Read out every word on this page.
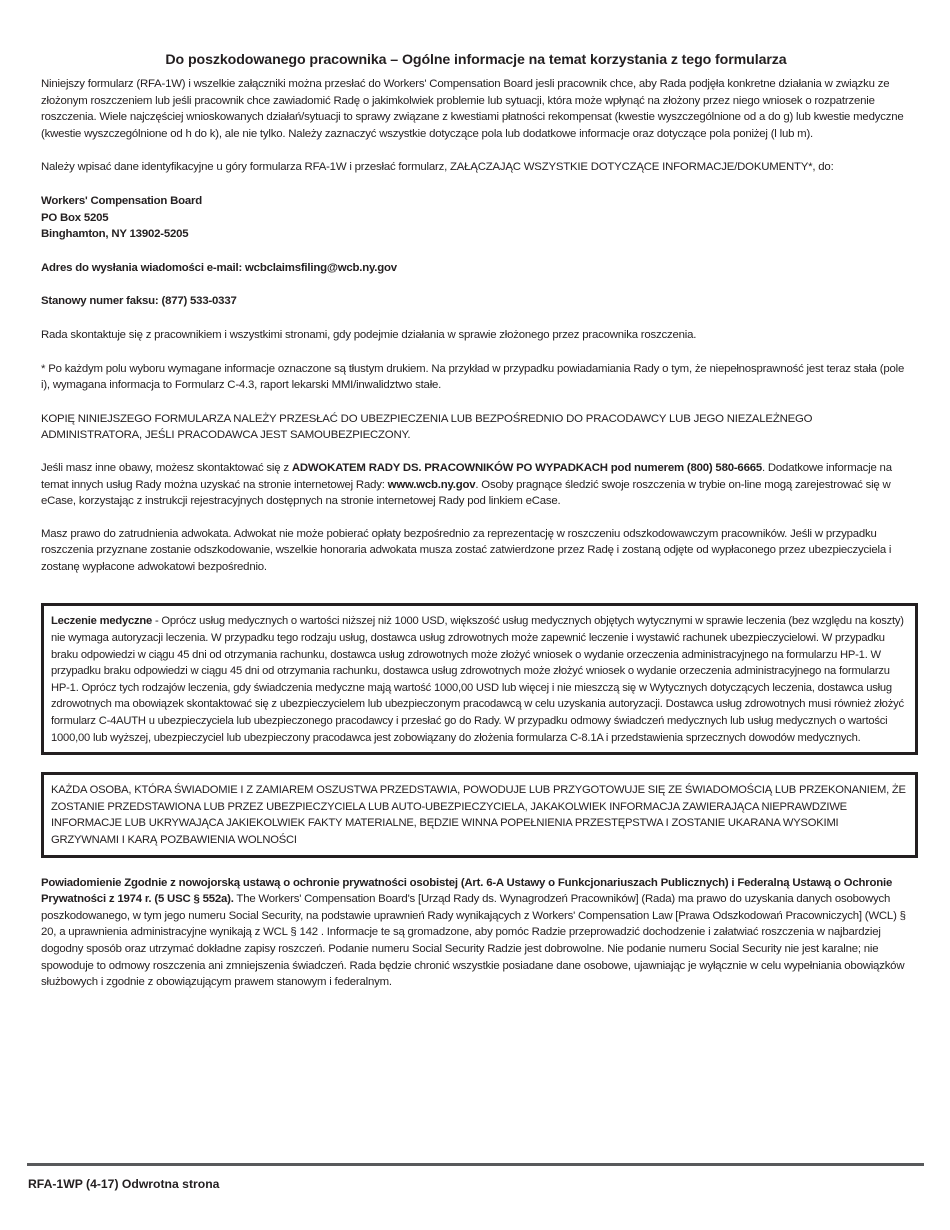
Do poszkodowanego pracownika – Ogólne informacje na temat korzystania z tego formularza

Niniejszy formularz (RFA-1W) i wszelkie załączniki można przesłać do Workers' Compensation Board jesli pracownik chce, aby Rada podjęła konkretne działania w związku ze złożonym roszczeniem lub jeśli pracownik chce zawiadomić Radę o jakimkolwiek problemie lub sytuacji, która może wpłynąć na złożony przez niego wniosek o rozpatrzenie roszczenia. Wiele najczęściej wnioskowanych działań/sytuacji to sprawy związane z kwestiami płatności rekompensat (kwestie wyszczególnione od a do g) lub kwestie medyczne (kwestie wyszczególnione od h do k), ale nie tylko. Należy zaznaczyć wszystkie dotyczące pola lub dodatkowe informacje oraz dotyczące pola poniżej (l lub m).

Należy wpisać dane identyfikacyjne u góry formularza RFA-1W i przesłać formularz, ZAŁĄCZAJĄC WSZYSTKIE DOTYCZĄCE INFORMACJE/DOKUMENTY*, do:

Workers' Compensation Board
PO Box 5205
Binghamton, NY 13902-5205

Adres do wysłania wiadomości e-mail: wcbclaimsfiling@wcb.ny.gov

Stanowy numer faksu: (877) 533-0337

Rada skontaktuje się z pracownikiem i wszystkimi stronami, gdy podejmie działania w sprawie złożonego przez pracownika roszczenia.

* Po każdym polu wyboru wymagane informacje oznaczone są tłustym drukiem. Na przykład w przypadku powiadamiania Rady o tym, że niepełnosprawność jest teraz stała (pole i), wymagana informacja to Formularz C-4.3, raport lekarski MMI/inwalidztwo stałe.

KOPIĘ NINIEJSZEGO FORMULARZA NALEŻY PRZESŁAĆ DO UBEZPIECZENIA LUB BEZPOŚREDNIO DO PRACODAWCY LUB JEGO NIEZALEŻNEGO ADMINISTRATORA, JEŚLI PRACODAWCA JEST SAMOUBEZPIECZONY.

Jeśli masz inne obawy, możesz skontaktować się z ADWOKATEM RADY DS. PRACOWNIKÓW PO WYPADKACH pod numerem (800) 580-6665. Dodatkowe informacje na temat innych usług Rady można uzyskać na stronie internetowej Rady: www.wcb.ny.gov. Osoby pragnące śledzić swoje roszczenia w trybie on-line mogą zarejestrować się w eCase, korzystając z instrukcji rejestracyjnych dostępnych na stronie internetowej Rady pod linkiem eCase.

Masz prawo do zatrudnienia adwokata. Adwokat nie może pobierać opłaty bezpośrednio za reprezentację w roszczeniu odszkodowawczym pracowników. Jeśli w przypadku roszczenia przyznane zostanie odszkodowanie, wszelkie honoraria adwokata musza zostać zatwierdzone przez Radę i zostaną odjęte od wypłaconego przez ubezpieczyciela i zostanę wypłacone adwokatowi bezpośrednio.

Leczenie medyczne - Oprócz usług medycznych o wartości niższej niż 1000 USD, większość usług medycznych objętych wytycznymi w sprawie leczenia (bez względu na koszty) nie wymaga autoryzacji leczenia. W przypadku tego rodzaju usług, dostawca usług zdrowotnych może zapewnić leczenie i wystawić rachunek ubezpieczycielowi. W przypadku braku odpowiedzi w ciągu 45 dni od otrzymania rachunku, dostawca usług zdrowotnych może złożyć wniosek o wydanie orzeczenia administracyjnego na formularzu HP-1. W przypadku braku odpowiedzi w ciągu 45 dni od otrzymania rachunku, dostawca usług zdrowotnych może złożyć wniosek o wydanie orzeczenia administracyjnego na formularzu HP-1. Oprócz tych rodzajów leczenia, gdy świadczenia medyczne mają wartość 1000,00 USD lub więcej i nie mieszczą się w Wytycznych dotyczących leczenia, dostawca usług zdrowotnych ma obowiązek skontaktować się z ubezpieczycielem lub ubezpieczonym pracodawcą w celu uzyskania autoryzacji. Dostawca usług zdrowotnych musi również złożyć formularz C-4AUTH u ubezpieczyciela lub ubezpieczonego pracodawcy i przesłać go do Rady. W przypadku odmowy świadczeń medycznych lub usług medycznych o wartości 1000,00 lub wyższej, ubezpieczyciel lub ubezpieczony pracodawca jest zobowiązany do złożenia formularza C-8.1A i przedstawienia sprzecznych dowodów medycznych.

KAŻDA OSOBA, KTÓRA ŚWIADOMIE I Z ZAMIAREM OSZUSTWA PRZEDSTAWIA, POWODUJE LUB PRZYGOTOWUJE SIĘ ZE ŚWIADOMOŚCIĄ LUB PRZEKONANIEM, ŻE ZOSTANIE PRZEDSTAWIONA LUB PRZEZ UBEZPIECZYCIELA LUB AUTO-UBEZPIECZYCIELA, JAKAKOLWIEK INFORMACJA ZAWIERAJĄCA NIEPRAWDZIWE INFORMACJE LUB UKRYWAJĄCA JAKIEKOLWIEK FAKTY MATERIALNE, BĘDZIE WINNA POPEŁNIENIA PRZESTĘPSTWA I ZOSTANIE UKARANA WYSOKIMI GRZYWNAMI I KARĄ POZBAWIENIA WOLNOŚCI

Powiadomienie Zgodnie z nowojorską ustawą o ochronie prywatności osobistej (Art. 6-A Ustawy o Funkcjonariuszach Publicznych) i Federalną Ustawą o Ochronie Prywatności z 1974 r. (5 USC § 552a). The Workers' Compensation Board's [Urząd Rady ds. Wynagrodzeń Pracowników] (Rada) ma prawo do uzyskania danych osobowych poszkodowanego, w tym jego numeru Social Security, na podstawie uprawnień Rady wynikających z Workers' Compensation Law [Prawa Odszkodowań Pracowniczych] (WCL) § 20, a uprawnienia administracyjne wynikają z WCL § 142 . Informacje te są gromadzone, aby pomóc Radzie przeprowadzić dochodzenie i załatwiać roszczenia w najbardziej dogodny sposób oraz utrzymać dokładne zapisy roszczeń. Podanie numeru Social Security Radzie jest dobrowolne. Nie podanie numeru Social Security nie jest karalne; nie spowoduje to odmowy roszczenia ani zmniejszenia świadczeń. Rada będzie chronić wszystkie posiadane dane osobowe, ujawniając je wyłącznie w celu wypełniania obowiązków służbowych i zgodnie z obowiązującym prawem stanowym i federalnym.

RFA-1WP (4-17) Odwrotna strona
